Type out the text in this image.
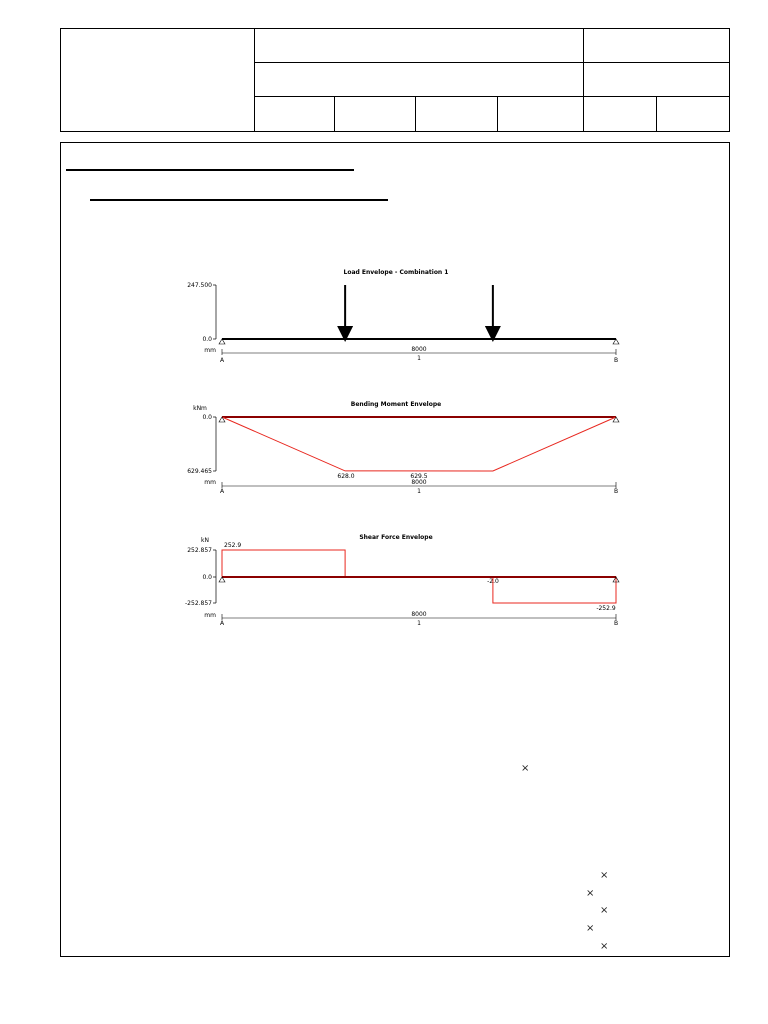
Load Envelope - Combination 1
247.500
0.0
mm	8000
1
A	B
Bending Moment Envelope
kNm
0.0
629.465
628.0	629.5
mm	8000
1
A	B
Shear Force Envelope
kN
252.857
0.0
-252.857
252.9
-2.0
-252.9
mm	8000
1
A	B
×
×
×
×
×
×
